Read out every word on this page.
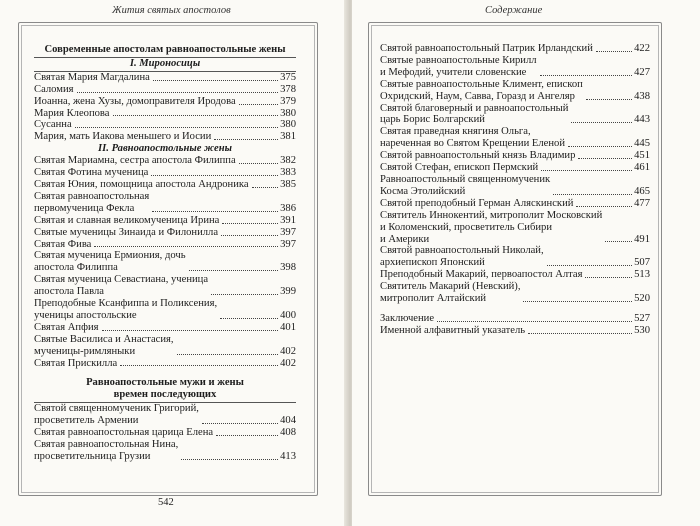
Жития святых апостолов
Современные апостолам равноапостольные жены
I. Мироносицы
Святая Мария Магдалина	375
Саломия	378
Иоанна, жена Хузы, домоправителя Иродова	379
Мария Клеопова	380
Сусанна	380
Мария, мать Иакова меньшего и Иосии	381
II. Равноапостольные жены
Святая Мариамна, сестра апостола Филиппа	382
Святая Фотина мученица	383
Святая Юния, помощница апостола Андроника	385
Святая равноапостольная
первомученица Фекла	386
Святая и славная великомученица Ирина	391
Святые мученицы Зинаида и Филонилла	397
Святая Фива	397
Святая мученица Ермиония, дочь
апостола Филиппа	398
Святая мученица Севастиана, ученица
апостола Павла	399
Преподобные Ксанфиппа и Поликсения,
ученицы апостольские	400
Святая Апфия	401
Святые Василиса и Анастасия,
мученицы-римляныки	402
Святая Прискилла	402
Равноапостольные мужи и жены
времен последующих
Святой священномученик Григорий,
просветитель Армении	404
Святая равноапостольная царица Елена	408
Святая равноапостольная Нина,
просветительница Грузии	413
542
Содержание
Святой равноапостольный Патрик Ирландский	422
Святые равноапостольные Кирилл
и Мефодий, учители словенские	427
Святые равноапостольные Климент, епископ
Охридский, Наум, Савва, Горазд и Ангеляр	438
Святой благоверный и равноапостольный
царь Борис Болгарский	443
Святая праведная княгиня Ольга,
нареченная во Святом Крещении Еленой	445
Святой равноапостольный князь Владимир	451
Святой Стефан, епископ Пермский	461
Равноапостольный священномученик
Косма Этолийский	465
Святой преподобный Герман Аляскинский	477
Святитель Иннокентий, митрополит Московский
и Коломенский, просветитель Сибири
и Америки	491
Святой равноапостольный Николай,
архиепископ Японский	507
Преподобный Макарий, первоапостол Алтая	513
Святитель Макарий (Невский),
митрополит Алтайский	520
Заключение	527
Именной алфавитный указатель	530
